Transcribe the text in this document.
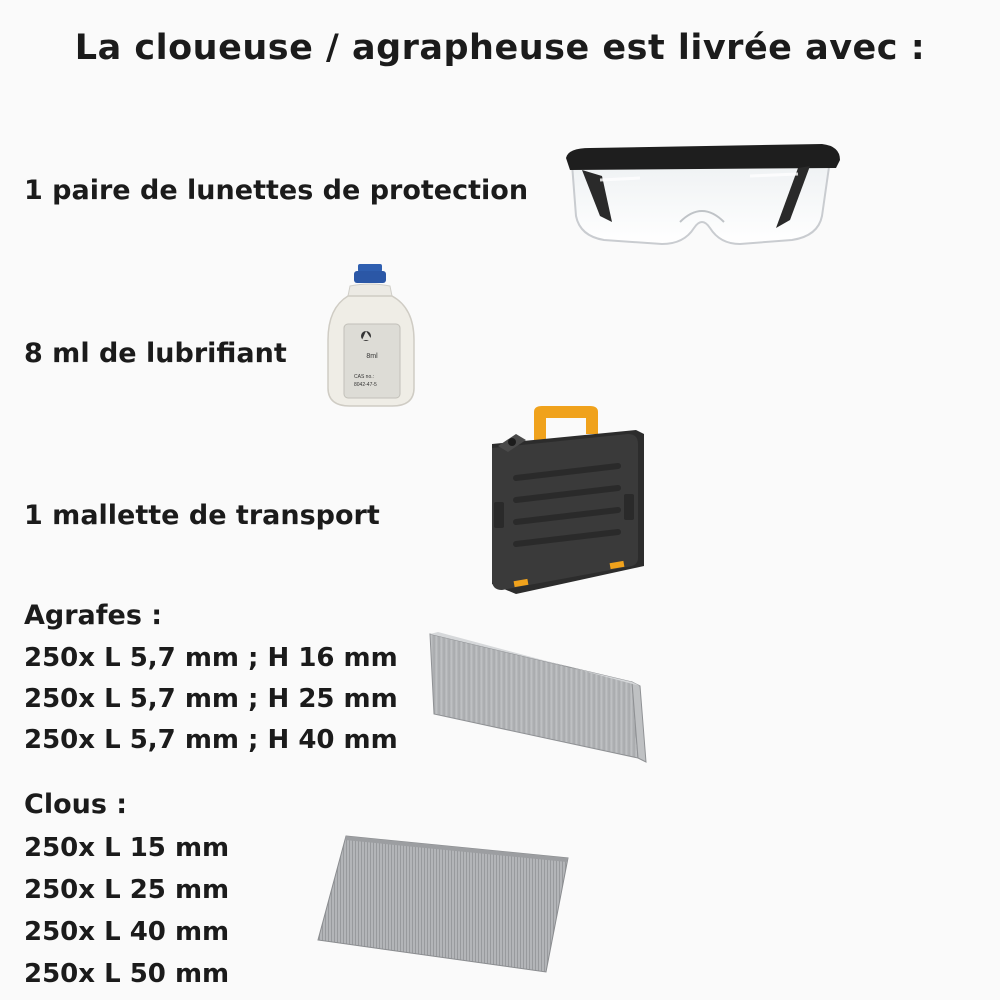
La cloueuse / agrapheuse est livrée avec :
1 paire de lunettes de protection
8 ml de lubrifiant	8ml
CAS no.:
8042-47-5
1 mallette de transport
Agrafes :
250x L 5,7 mm ; H 16 mm
250x L 5,7 mm ; H 25 mm
250x L 5,7 mm ; H 40 mm
Clous :
250x L 15 mm
250x L 25 mm
250x L 40 mm
250x L 50 mm
